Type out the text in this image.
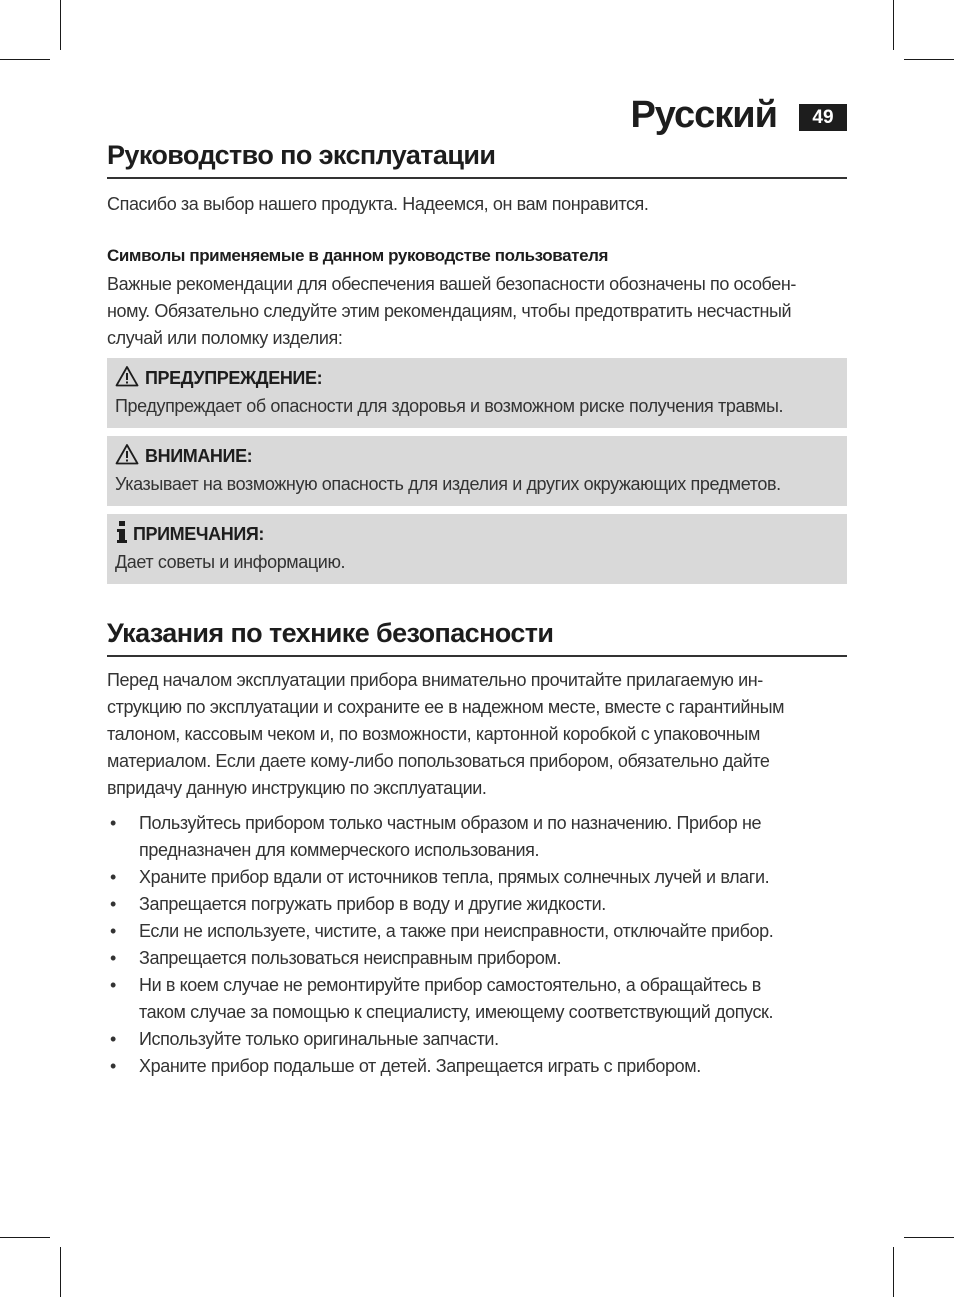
Русский	49
Руководство по эксплуатации

Спасибо за выбор нашего продукта. Надеемся, он вам понравится.

Символы применяемые в данном руководстве пользователя

Важные рекомендации для обеспечения вашей безопасности обозначены по особен-
ному. Обязательно следуйте этим рекомендациям, чтобы предотвратить несчастный
случай или поломку изделия:
ПРЕДУПРЕЖДЕНИЕ:
Предупреждает об опасности для здоровья и возможном риске получения травмы.
ВНИМАНИЕ:
Указывает на возможную опасность для изделия и других окружающих предметов.
ПРИМЕЧАНИЯ:
Дает советы и информацию.
Указания по технике безопасности
Перед началом эксплуатации прибора внимательно прочитайте прилагаемую ин-
струкцию по эксплуатации и сохраните ее в надежном месте, вместе с гарантийным
талоном, кассовым чеком и, по возможности, картонной коробкой с упаковочным
материалом. Если даете кому-либо попользоваться прибором, обязательно дайте
впридачу данную инструкцию по эксплуатации.
• Пользуйтесь прибором только частным образом и по назначению. Прибор не
предназначен для коммерческого использования.
• Храните прибор вдали от источников тепла, прямых солнечных лучей и влаги.
• Запрещается погружать прибор в воду и другие жидкости.
• Если не используете, чистите, а также при неисправности, отключайте прибор.
• Запрещается пользоваться неисправным прибором.
• Ни в коем случае не ремонтируйте прибор самостоятельно, а обращайтесь в
таком случае за помощью к специалисту, имеющему соответствующий допуск.
• Используйте только оригинальные запчасти.
• Храните прибор подальше от детей. Запрещается играть с прибором.
